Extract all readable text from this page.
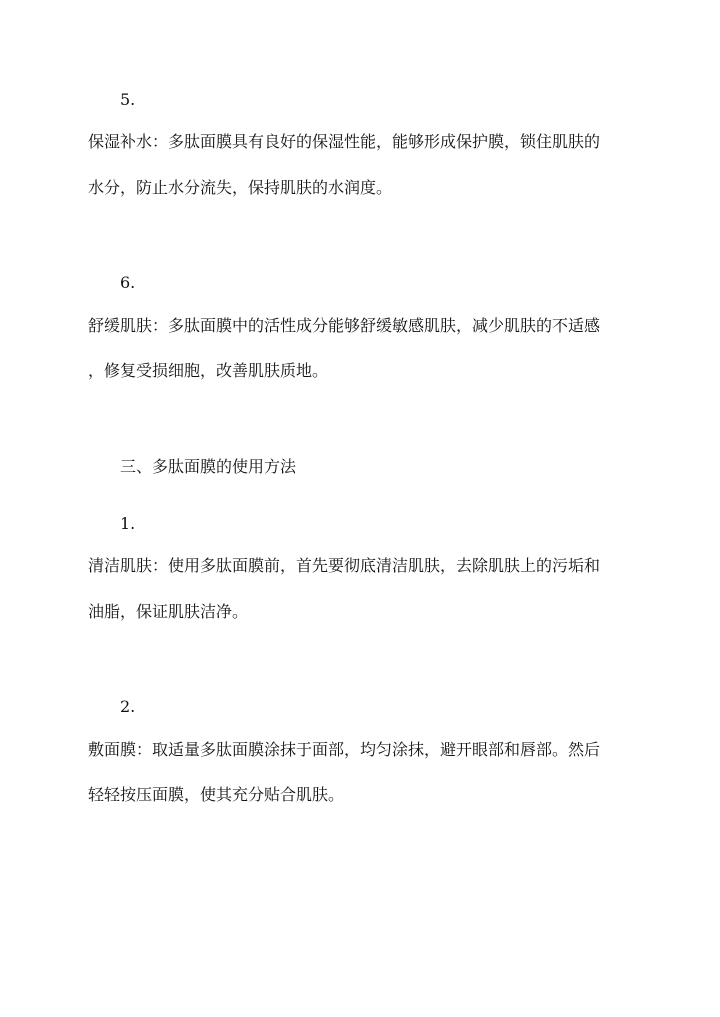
5.
保湿补水：多肽面膜具有良好的保湿性能，能够形成保护膜，锁住肌肤的
水分，防止水分流失，保持肌肤的水润度。
6.
舒缓肌肤：多肽面膜中的活性成分能够舒缓敏感肌肤，减少肌肤的不适感
，修复受损细胞，改善肌肤质地。
三、多肽面膜的使用方法
1.
清洁肌肤：使用多肽面膜前，首先要彻底清洁肌肤，去除肌肤上的污垢和
油脂，保证肌肤洁净。
2.
敷面膜：取适量多肽面膜涂抹于面部，均匀涂抹，避开眼部和唇部。然后
轻轻按压面膜，使其充分贴合肌肤。
